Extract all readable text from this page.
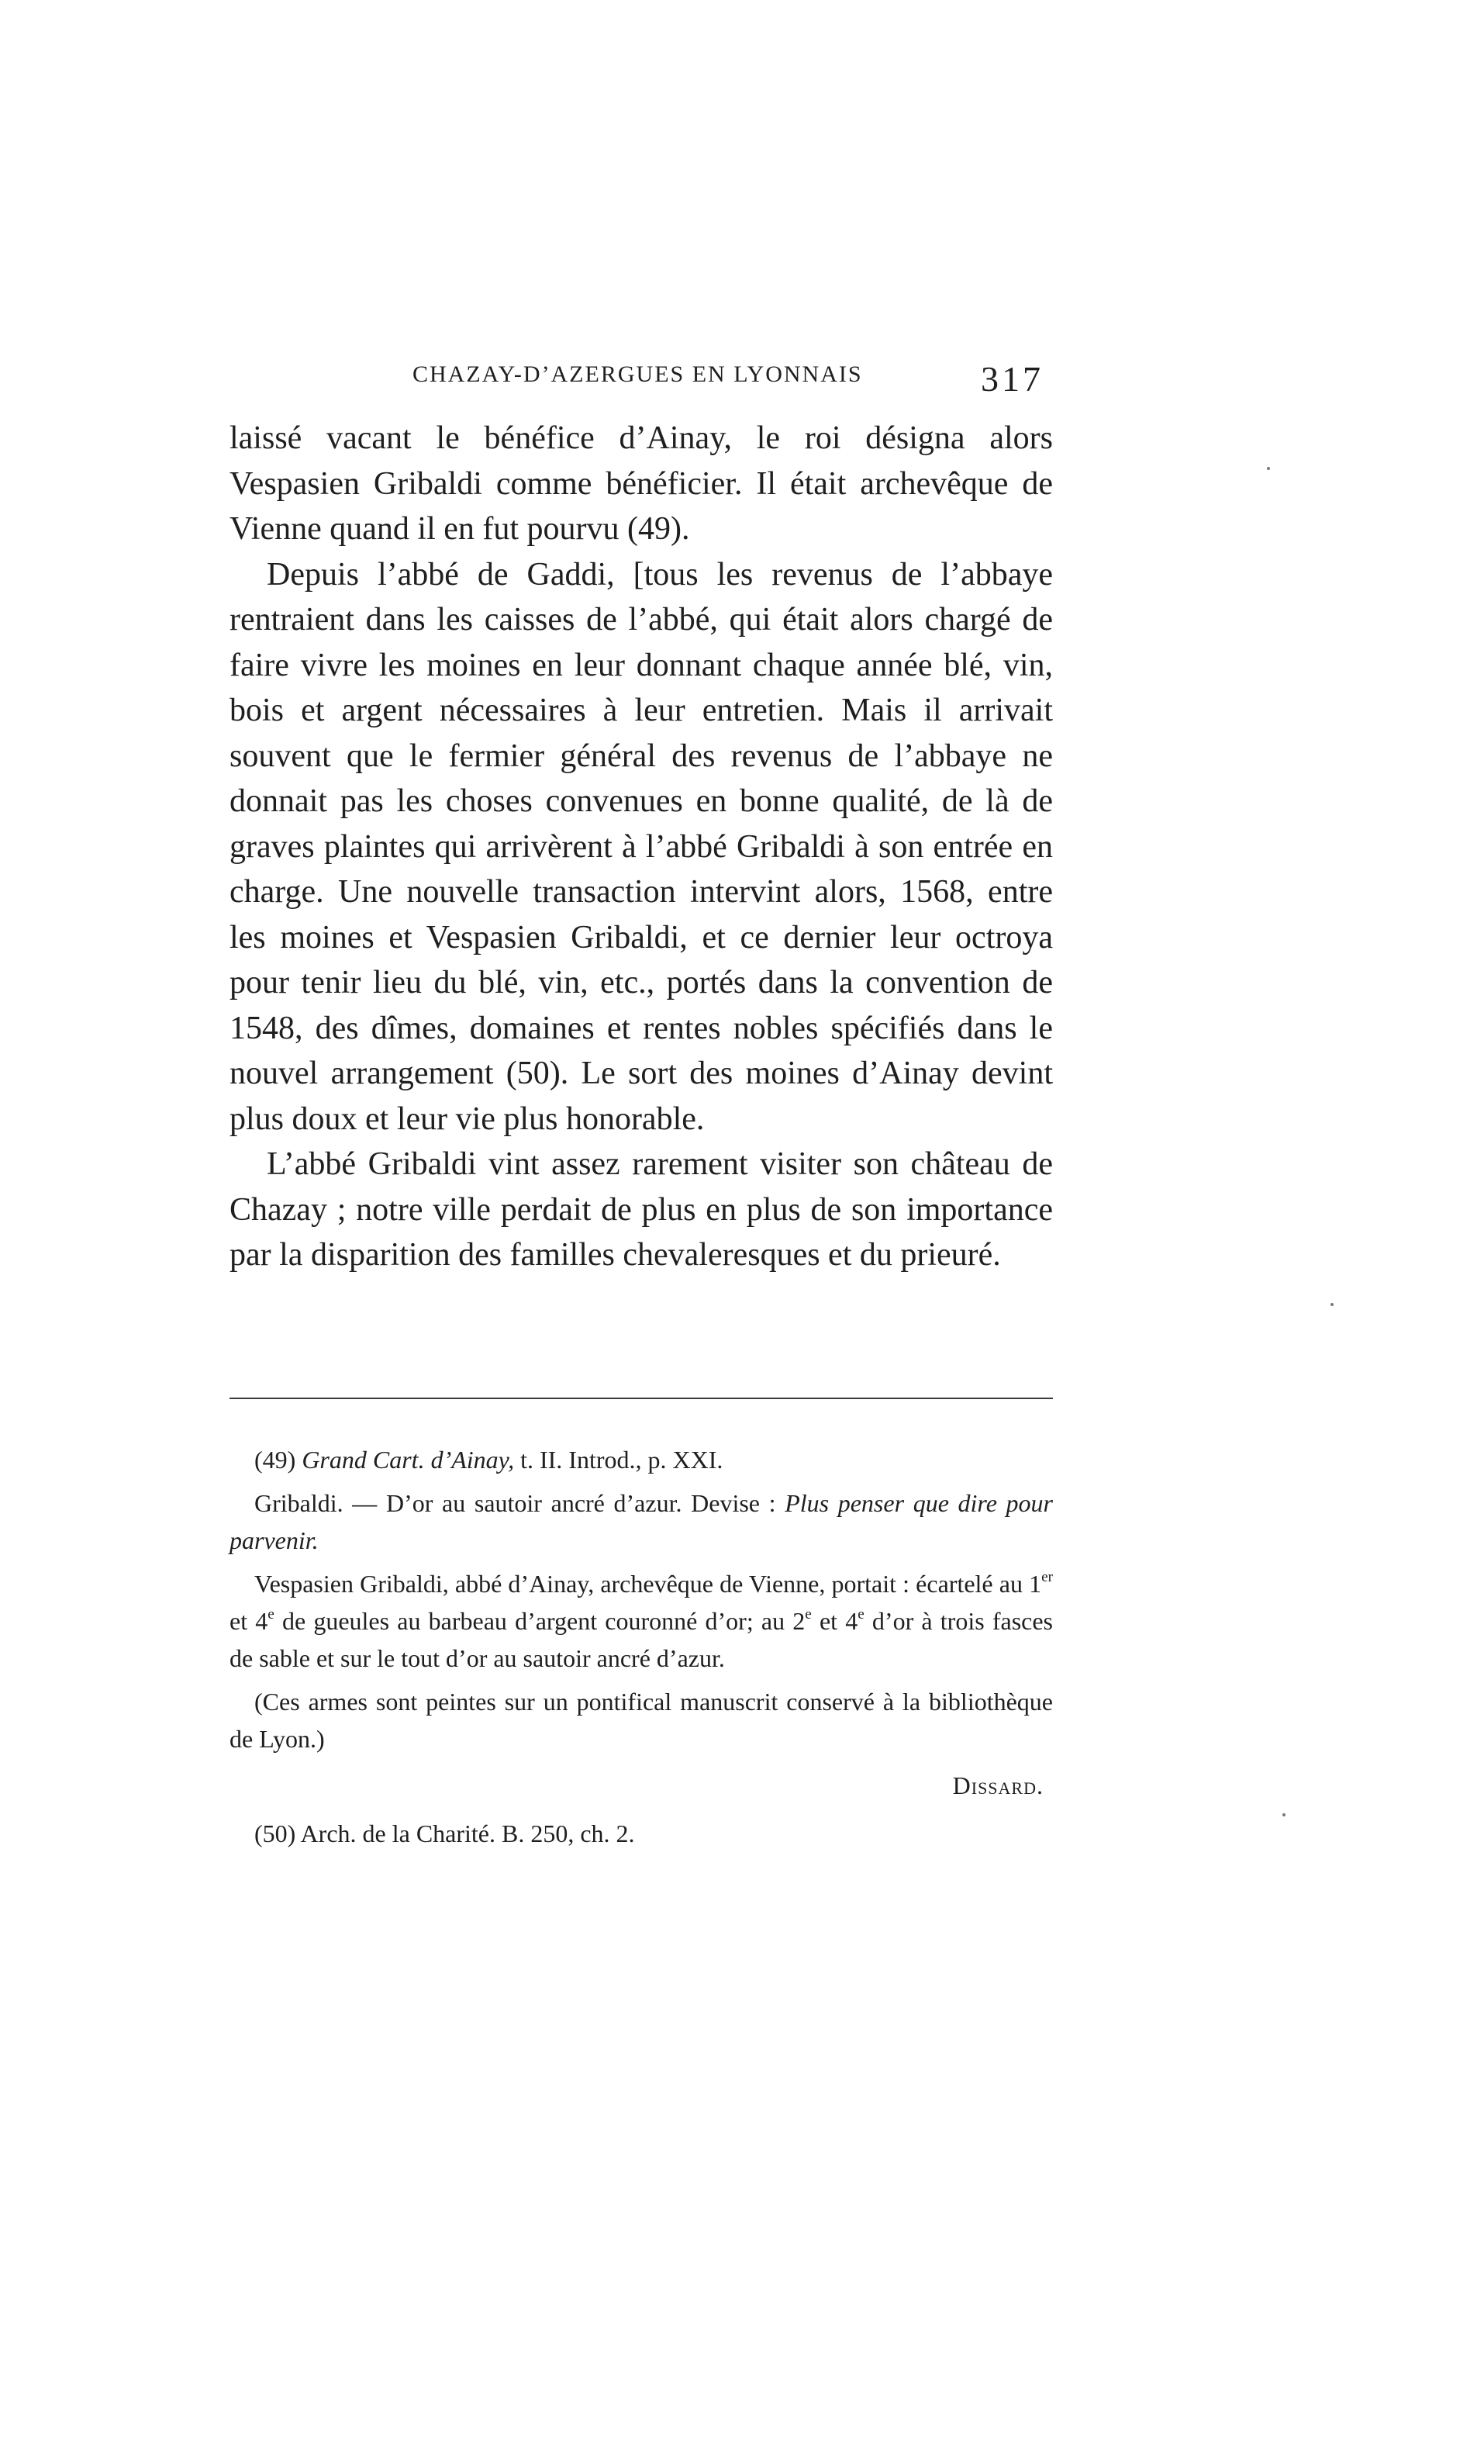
CHAZAY-D’AZERGUES EN LYONNAIS	317

laissé vacant le bénéfice d’Ainay, le roi désigna alors Vespasien Gribaldi comme bénéficier. Il était archevêque de Vienne quand il en fut pourvu (49).

Depuis l’abbé de Gaddi, [tous les revenus de l’abbaye rentraient dans les caisses de l’abbé, qui était alors chargé de faire vivre les moines en leur donnant chaque année blé, vin, bois et argent nécessaires à leur entretien. Mais il arrivait souvent que le fermier général des revenus de l’abbaye ne donnait pas les choses convenues en bonne qualité, de là de graves plaintes qui arrivèrent à l’abbé Gribaldi à son entrée en charge. Une nouvelle transaction intervint alors, 1568, entre les moines et Vespasien Gribaldi, et ce dernier leur octroya pour tenir lieu du blé, vin, etc., portés dans la convention de 1548, des dîmes, domaines et rentes nobles spécifiés dans le nouvel arrangement (50). Le sort des moines d’Ainay devint plus doux et leur vie plus honorable.

L’abbé Gribaldi vint assez rarement visiter son château de Chazay ; notre ville perdait de plus en plus de son importance par la disparition des familles chevaleresques et du prieuré.

(49) Grand Cart. d’Ainay, t. II. Introd., p. XXI.

Gribaldi. — D’or au sautoir ancré d’azur. Devise : Plus penser que dire pour parvenir.

Vespasien Gribaldi, abbé d’Ainay, archevêque de Vienne, portait : écartelé au 1er et 4e de gueules au barbeau d’argent couronné d’or; au 2e et 4e d’or à trois fasces de sable et sur le tout d’or au sautoir ancré d’azur.

(Ces armes sont peintes sur un pontifical manuscrit conservé à la bibliothèque de Lyon.)

Dissard.

(50) Arch. de la Charité. B. 250, ch. 2.
